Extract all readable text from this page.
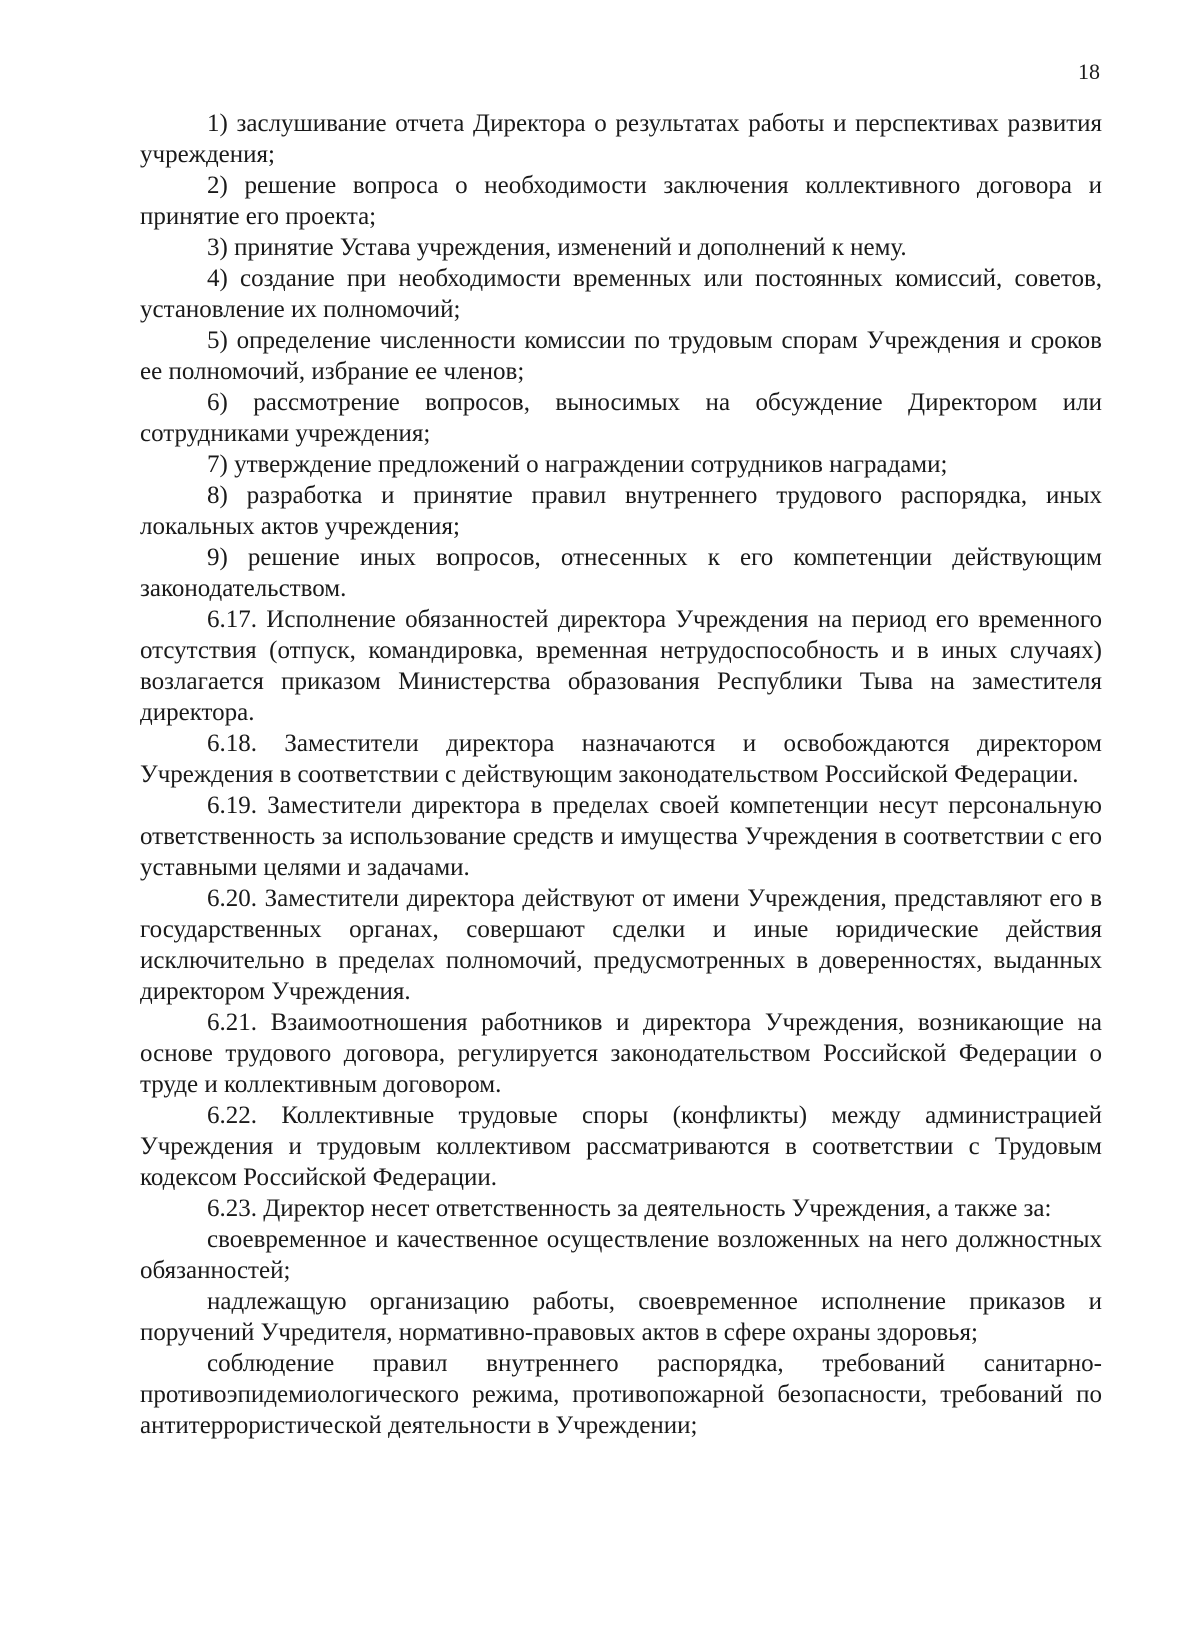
18

1) заслушивание отчета Директора о результатах работы и перспективах развития учреждения;

2) решение вопроса о необходимости заключения коллективного договора и принятие его проекта;

3) принятие Устава учреждения, изменений и дополнений к нему.

4) создание при необходимости временных или постоянных комиссий, советов, установление их полномочий;

5) определение численности комиссии по трудовым спорам Учреждения и сроков ее полномочий, избрание ее членов;

6) рассмотрение вопросов, выносимых на обсуждение Директором или сотрудниками учреждения;

7) утверждение предложений о награждении сотрудников наградами;

8) разработка и принятие правил внутреннего трудового распорядка, иных локальных актов учреждения;

9) решение иных вопросов, отнесенных к его компетенции действующим законодательством.

6.17. Исполнение обязанностей директора Учреждения на период его временного отсутствия (отпуск, командировка, временная нетрудоспособность и в иных случаях) возлагается приказом Министерства образования Республики Тыва на заместителя директора.

6.18. Заместители директора назначаются и освобождаются директором Учреждения в соответствии с действующим законодательством Российской Федерации.

6.19. Заместители директора в пределах своей компетенции несут персональную ответственность за использование средств и имущества Учреждения в соответствии с его уставными целями и задачами.

6.20. Заместители директора действуют от имени Учреждения, представляют его в государственных органах, совершают сделки и иные юридические действия исключительно в пределах полномочий, предусмотренных в доверенностях, выданных директором Учреждения.

6.21. Взаимоотношения работников и директора Учреждения, возникающие на основе трудового договора, регулируется законодательством Российской Федерации о труде и коллективным договором.

6.22. Коллективные трудовые споры (конфликты) между администрацией Учреждения и трудовым коллективом рассматриваются в соответствии с Трудовым кодексом Российской Федерации.

6.23. Директор несет ответственность за деятельность Учреждения, а также за:

своевременное и качественное осуществление возложенных на него должностных обязанностей;

надлежащую организацию работы, своевременное исполнение приказов и поручений Учредителя, нормативно-правовых актов в сфере охраны здоровья;

соблюдение правил внутреннего распорядка, требований санитарно-противоэпидемиологического режима, противопожарной безопасности, требований по антитеррористической деятельности в Учреждении;
